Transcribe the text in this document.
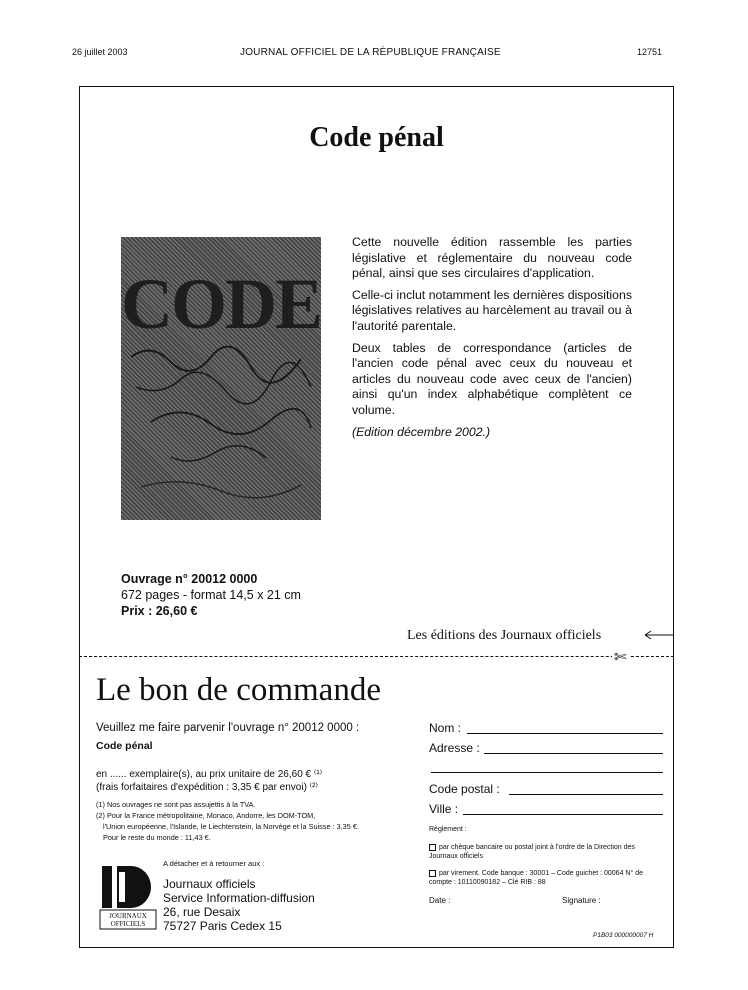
26 juillet 2003	JOURNAL OFFICIEL DE LA RÉPUBLIQUE FRANÇAISE	12751
Code pénal
CODE

Cette nouvelle édition rassemble les parties législative et réglementaire du nouveau code pénal, ainsi que ses circulaires d'application.

Celle-ci inclut notamment les dernières dispositions législatives relatives au harcèlement au travail ou à l'autorité parentale.

Deux tables de correspondance (articles de l'ancien code pénal avec ceux du nouveau et articles du nouveau code avec ceux de l'ancien) ainsi qu'un index alphabétique complètent ce volume.

(Edition décembre 2002.)

Ouvrage n° 20012 0000
672 pages - format 14,5 x 21 cm
Prix : 26,60 €
Les éditions des Journaux officiels
✄
Le bon de commande
Veuillez me faire parvenir l'ouvrage n° 20012 0000 :
Code pénal
en ...... exemplaire(s), au prix unitaire de 26,60 € ⁽¹⁾
(frais forfaitaires d'expédition : 3,35 € par envoi) ⁽²⁾
(1) Nos ouvrages ne sont pas assujettis à la TVA.
(2) Pour la France métropolitaine, Monaco, Andorre, les DOM-TOM,
l'Union européenne, l'Islande, le Liechtenstein, la Norvège et la Suisse : 3,35 €.
Pour le reste du monde : 11,43 €.
JOURNAUX
OFFICIELS
A détacher et à retourner aux :
Journaux officiels
Service Information-diffusion
26, rue Desaix
75727 Paris Cedex 15
Nom :
Adresse :
Code postal :
Ville :
Règlement :
par chèque bancaire ou postal joint à l'ordre de la Direction des Journaux officiels
par virement. Code banque : 30001 – Code guichet : 00064 N° de compte : 10110090182 – Clé RIB : 88
Date :	Signature :
P1B03 000000007 H
